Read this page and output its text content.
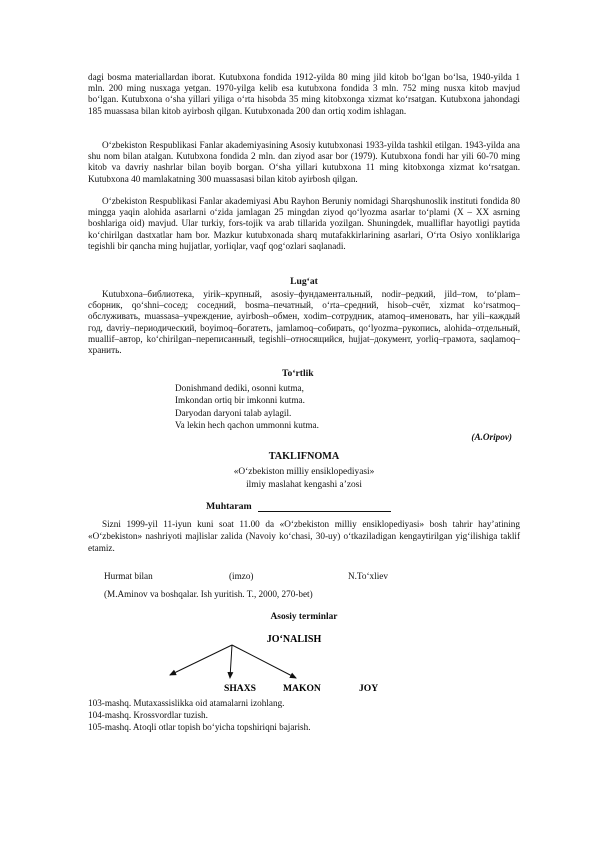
dagi bosma materiallardan iborat. Kutubxona fondida 1912-yilda 80 ming jild kitob bo‘lgan bo‘lsa, 1940-yilda 1 mln. 200 ming nusxaga yetgan. 1970-yilga kelib esa kutubxona fondida 3 mln. 752 ming nusxa kitob mavjud bo‘lgan. Kutubxona o‘sha yillari yiliga o‘rta hisobda 35 ming kitobxonga xizmat ko‘rsatgan. Kutubxona jahondagi 185 muassasa bilan kitob ayirbosh qilgan. Kutubxonada 200 dan ortiq xodim ishlagan.

O‘zbekiston Respublikasi Fanlar akademiyasining Asosiy kutubxonasi 1933-yilda tashkil etilgan. 1943-yilda ana shu nom bilan atalgan. Kutubxona fondida 2 mln. dan ziyod asar bor (1979). Kutubxona fondi har yili 60-70 ming kitob va davriy nashrlar bilan boyib borgan. O‘sha yillari kutubxona 11 ming kitobxonga xizmat ko‘rsatgan. Kutubxona 40 mamlakatning 300 muassasasi bilan kitob ayirbosh qilgan.

O‘zbekiston Respublikasi Fanlar akademiyasi Abu Rayhon Beruniy nomidagi Sharqshunoslik instituti fondida 80 mingga yaqin alohida asarlarni o‘zida jamlagan 25 mingdan ziyod qo‘lyozma asarlar to‘plami (X – XX asrning boshlariga oid) mavjud. Ular turkiy, fors-tojik va arab tillarida yozilgan. Shuningdek, mualliflar hayotligi paytida ko‘chirilgan dastxatlar ham bor. Mazkur kutubxonada sharq mutafakkirlarining asarlari, O‘rta Osiyo xonliklariga tegishli bir qancha ming hujjatlar, yorliqlar, vaqf qog‘ozlari saqlanadi.

Lug‘at

Kutubxona–библиотека, yirik–крупный, asosiy–фундаментальный, nodir–редкий, jild–том, to‘plam–сборник, qo‘shni–сосед; соседний, bosma–печатный, o‘rta–средний, hisob–счёт, xizmat ko‘rsatmoq–обслуживать, muassasa–учреждение, ayirbosh–обмен, xodim–сотрудник, atamoq–именовать, har yili–каждый год, davriy–периодический, boyimoq–богатеть, jamlamoq–собирать, qo‘lyozma–рукопись, alohida–отдельный, muallif–автор, ko‘chirilgan–переписанный, tegishli–относящийся, hujjat–документ, yorliq–грамота, saqlamoq–хранить.

To‘rtlik
Donishmand dediki, osonni kutma,
Imkondan ortiq bir imkonni kutma.
Daryodan daryoni talab aylagil.
Va lekin hech qachon ummonni kutma.
(A.Oripov)
TAKLIFNOMA
«O‘zbekiston milliy ensiklopediyasi»
ilmiy maslahat kengashi a’zosi
Muhtaram

Sizni 1999-yil 11-iyun kuni soat 11.00 da «O‘zbekiston milliy ensiklopediyasi» bosh tahrir hay’atining «O‘zbekiston» nashriyoti majlislar zalida (Navoiy ko‘chasi, 30-uy) o‘tkaziladigan kengaytirilgan yig‘ilishiga taklif etamiz.

Hurmat bilan	(imzo)	N.To‘xliev
(M.Aminov va boshqalar. Ish yuritish. T., 2000, 270-bet)
Asosiy terminlar
JO‘NALISH
SHAXS	MAKON	JOY
103-mashq. Mutaxassislikka oid atamalarni izohlang.
104-mashq. Krossvordlar tuzish.
105-mashq. Atoqli otlar topish bo‘yicha topshiriqni bajarish.
